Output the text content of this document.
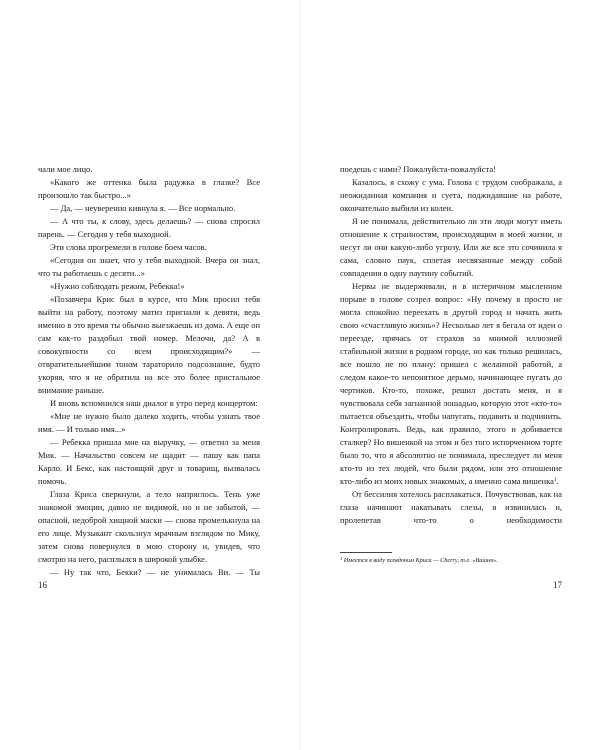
чали мое лицо.

«Какого же оттенка была радужка в глазке? Все произошло так быстро...»

— Да, — неуверенно кивнула я. — Все нормально.

— А что ты, к слову, здесь делаешь? — снова спросил парень. — Сегодня у тебя выходной.

Эти слова прогремели в голове боем часов.

«Сегодня он знает, что у тебя выходной. Вчера он знал, что ты работаешь с десяти...»

«Нужно соблюдать режим, Ребекка!»

«Позавчера Крис был в курсе, что Мик просил тебя выйти на работу, поэтому матиз пригнали к девяти, ведь именно в это время ты обычно выезжаешь из дома. А еще он сам как-то раздобыл твой номер. Мелочи, да? А в совокупности со всем происходящим?» — отвратительнейшим тоном тараторило подсознание, будто укоряя, что я не обратила на все это более пристальное внимание раньше.

И вновь вспомнился наш диалог в утро перед концертом:

«Мне не нужно было далеко ходить, чтобы узнать твое имя. — И только имя...»

— Ребекка пришла мне на выручку, — ответил за меня Мик. — Начальство совсем не щадит — пашу как папа Карло. И Бекс, как настоящий друг и товарищ, вызвалась помочь.

Глаза Криса сверкнули, а тело напряглось. Тень уже знакомой эмоции, давно не видимой, но и не забытой, — опасной, недоброй хищной маски — снова промелькнула на его лице. Музыкант скользнул мрачным взглядом по Мику, затем снова повернулся в мою сторону и, увидев, что смотрю на него, расплылся в широкой улыбке.

— Ну так что, Бекки? — не унималась Ви. — Ты

16

поедешь с нами? Пожалуйста-пожалуйста!

Казалось, я схожу с ума. Голова с трудом соображала, а неожиданная компания и суета, поджидавшие на работе, окончательно выбили из колеи.

Я не понимала, действительно ли эти люди могут иметь отношение к странностям, происходящим в моей жизни, и несут ли они какую-либо угрозу. Или же все это сочинила я сама, словно паук, сплетая несвязанные между собой совпадения в одну паутину событий.

Нервы не выдерживали, и в истеричном мысленном порыве в голове созрел вопрос: «Ну почему я просто не могла спокойно переехать в другой город и начать жить свою «счастливую жизнь»? Несколько лет я бегала от идеи о переезде, прячась от страхов за мнимой иллюзией стабильной жизни в родном городе, но как только решилась, все пошло не по плану: пришел с желанной работой, а следом какое-то непонятное дерьмо, начинающее пугать до чертиков. Кто-то, похоже, решил достать меня, и я чувствовала себя загнанной лошадью, которую этот «кто-то» пытается объездить, чтобы напугать, подавить и подчинить. Контролировать. Ведь, как правило, этого и добивается сталкер? Но вишенкой на этом и без того испорченном торте было то, что я абсолютно не понимала, преследует ли меня кто-то из тех людей, что были рядом, или это отношение кто-либо из моих новых знакомых, а именно сама вишенка$^1$.

От бессилия хотелось расплакаться. Почувствовав, как на глаза начинают накатывать слезы, я извинилась и, пролепетав что-то о необходимости

$^1$ Имеется в виду псевдоним Криса — Cherry, т.е. «Вишня».
17
